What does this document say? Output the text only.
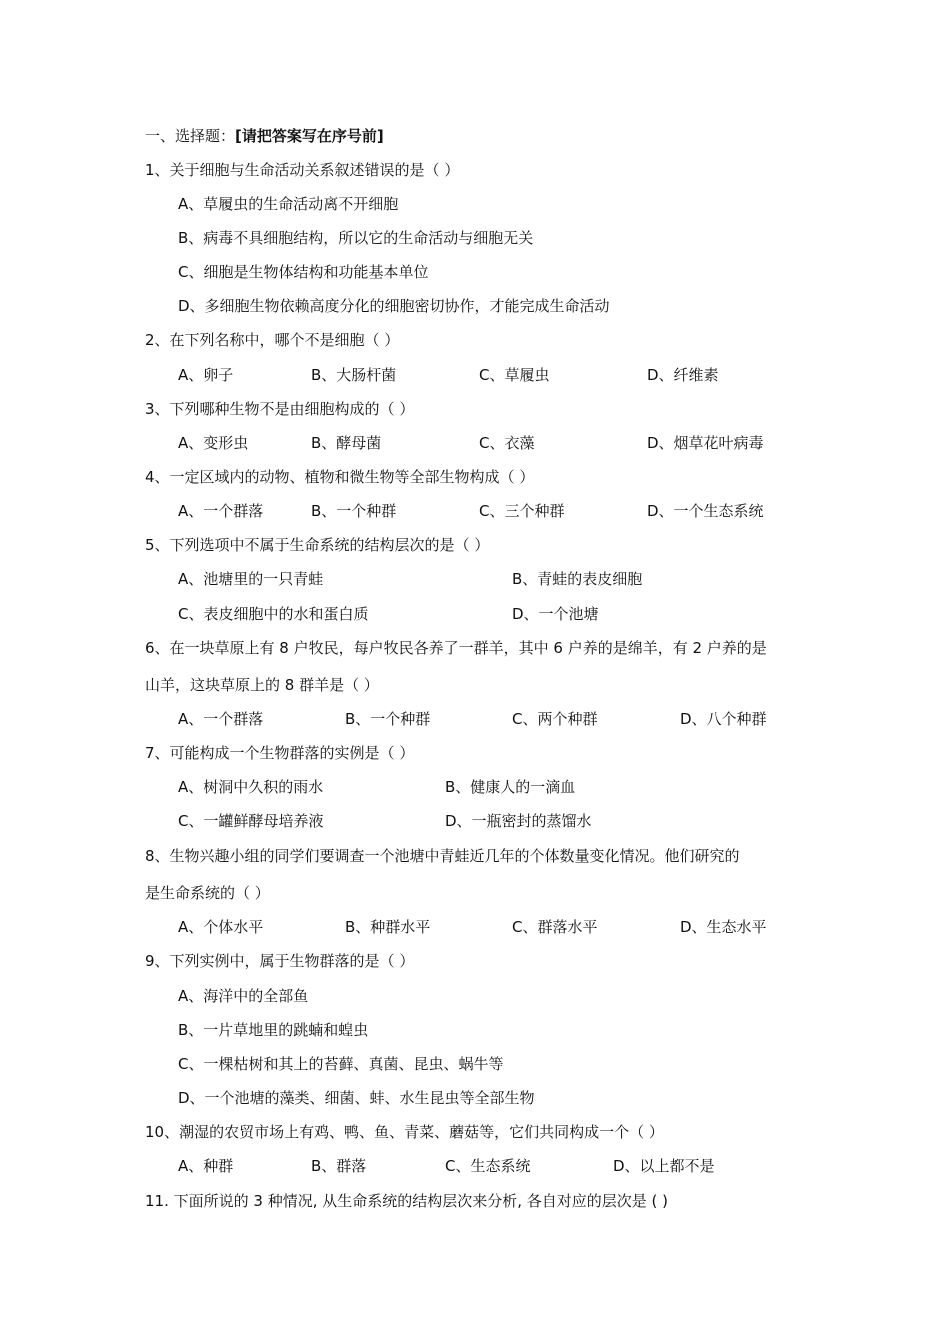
一、选择题： [请把答案写在序号前]
1、关于细胞与生命活动关系叙述错误的是（ ）
A、草履虫的生命活动离不开细胞
B、病毒不具细胞结构，所以它的生命活动与细胞无关
C、细胞是生物体结构和功能基本单位
D、多细胞生物依赖高度分化的细胞密切协作，才能完成生命活动
2、在下列名称中，哪个不是细胞（ ）
A、卵子	B、大肠杆菌	C、草履虫	D、纤维素
3、下列哪种生物不是由细胞构成的（ ）
A、变形虫	B、酵母菌	C、衣藻	D、烟草花叶病毒
4、一定区域内的动物、植物和微生物等全部生物构成（ ）
A、一个群落	B、一个种群	C、三个种群	D、一个生态系统
5、下列选项中不属于生命系统的结构层次的是（ ）
A、池塘里的一只青蛙	B、青蛙的表皮细胞
C、表皮细胞中的水和蛋白质	D、一个池塘
6、在一块草原上有 8 户牧民，每户牧民各养了一群羊，其中 6 户养的是绵羊，有 2 户养的是
山羊，这块草原上的 8 群羊是（ ）
A、一个群落	B、一个种群	C、两个种群	D、八个种群
7、可能构成一个生物群落的实例是（ ）
A、树洞中久积的雨水	B、健康人的一滴血
C、一罐鲜酵母培养液	D、一瓶密封的蒸馏水
8、生物兴趣小组的同学们要调查一个池塘中青蛙近几年的个体数量变化情况。他们研究的
是生命系统的（ ）
A、个体水平	B、种群水平	C、群落水平	D、生态水平
9、下列实例中，属于生物群落的是（ ）
A、海洋中的全部鱼
B、一片草地里的跳蝻和蝗虫
C、一棵枯树和其上的苔藓、真菌、昆虫、蜗牛等
D、一个池塘的藻类、细菌、蚌、水生昆虫等全部生物
10、潮湿的农贸市场上有鸡、鸭、鱼、青菜、蘑菇等，它们共同构成一个（ ）
A、种群	B、群落	C、生态系统	D、以上都不是
11. 下面所说的 3 种情况, 从生命系统的结构层次来分析, 各自对应的层次是 ( )
